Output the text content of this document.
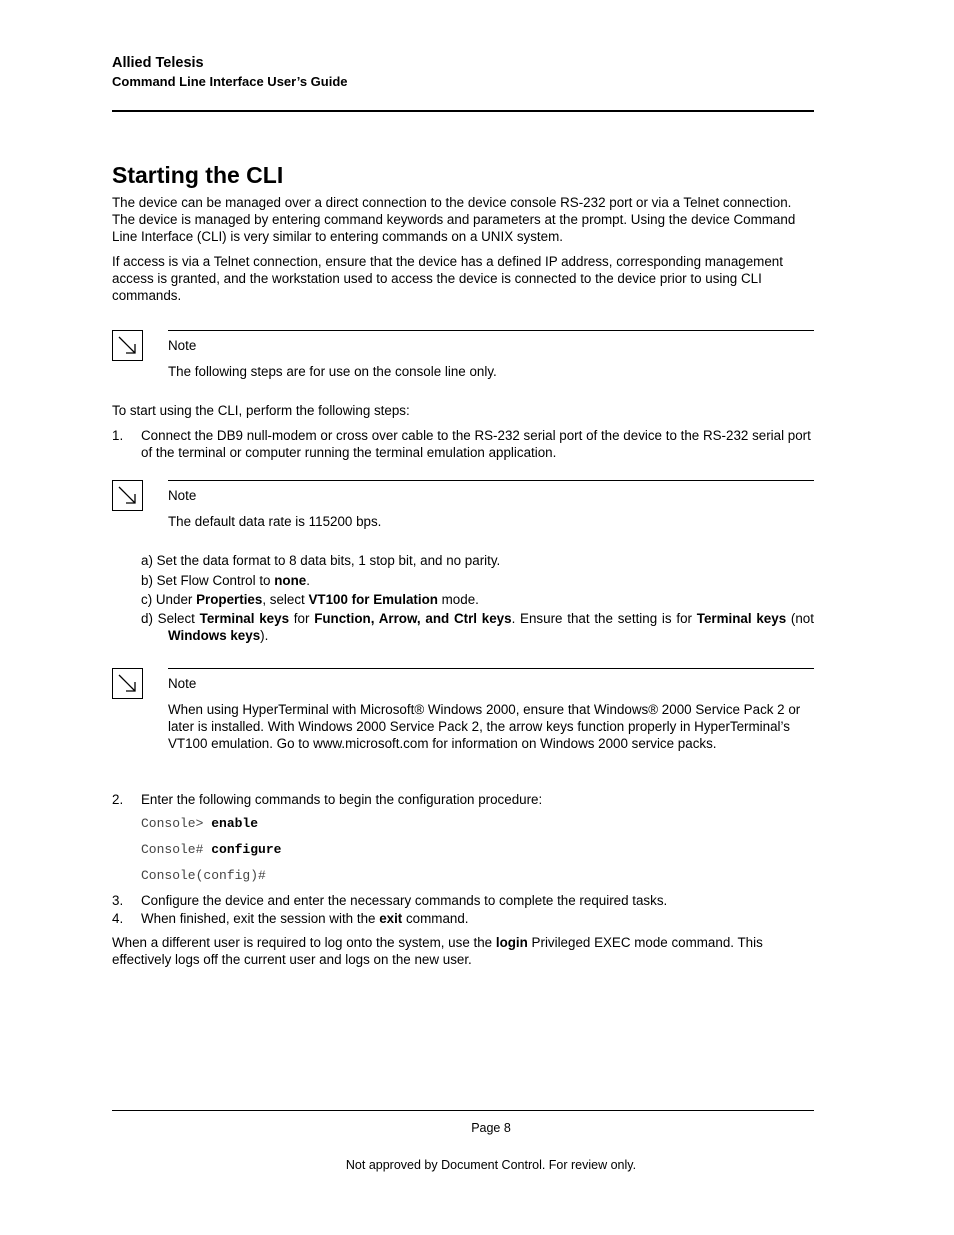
Allied Telesis
Command Line Interface User’s Guide
Starting the CLI

The device can be managed over a direct connection to the device console RS-232 port or via a Telnet connection. The device is managed by entering command keywords and parameters at the prompt. Using the device Command Line Interface (CLI) is very similar to entering commands on a UNIX system.

If access is via a Telnet connection, ensure that the device has a defined IP address, corresponding management access is granted, and the workstation used to access the device is connected to the device prior to using CLI commands.

Note
The following steps are for use on the console line only.

To start using the CLI, perform the following steps:

1. Connect the DB9 null-modem or cross over cable to the RS-232 serial port of the device to the RS-232 serial port of the terminal or computer running the terminal emulation application.
Note
The default data rate is 115200 bps.
a) Set the data format to 8 data bits, 1 stop bit, and no parity.
b) Set Flow Control to none.
c) Under Properties, select VT100 for Emulation mode.
d) Select Terminal keys for Function, Arrow, and Ctrl keys. Ensure that the setting is for Terminal keys (not Windows keys).
Note
When using HyperTerminal with Microsoft® Windows 2000, ensure that Windows® 2000 Service Pack 2 or later is installed. With Windows 2000 Service Pack 2, the arrow keys function properly in HyperTerminal’s VT100 emulation. Go to www.microsoft.com for information on Windows 2000 service packs.
2. Enter the following commands to begin the configuration procedure:
Console> enable
Console# configure
Console(config)#
3. Configure the device and enter the necessary commands to complete the required tasks.
4. When finished, exit the session with the exit command.

When a different user is required to log onto the system, use the login Privileged EXEC mode command. This effectively logs off the current user and logs on the new user.

Page 8
Not approved by Document Control. For review only.
